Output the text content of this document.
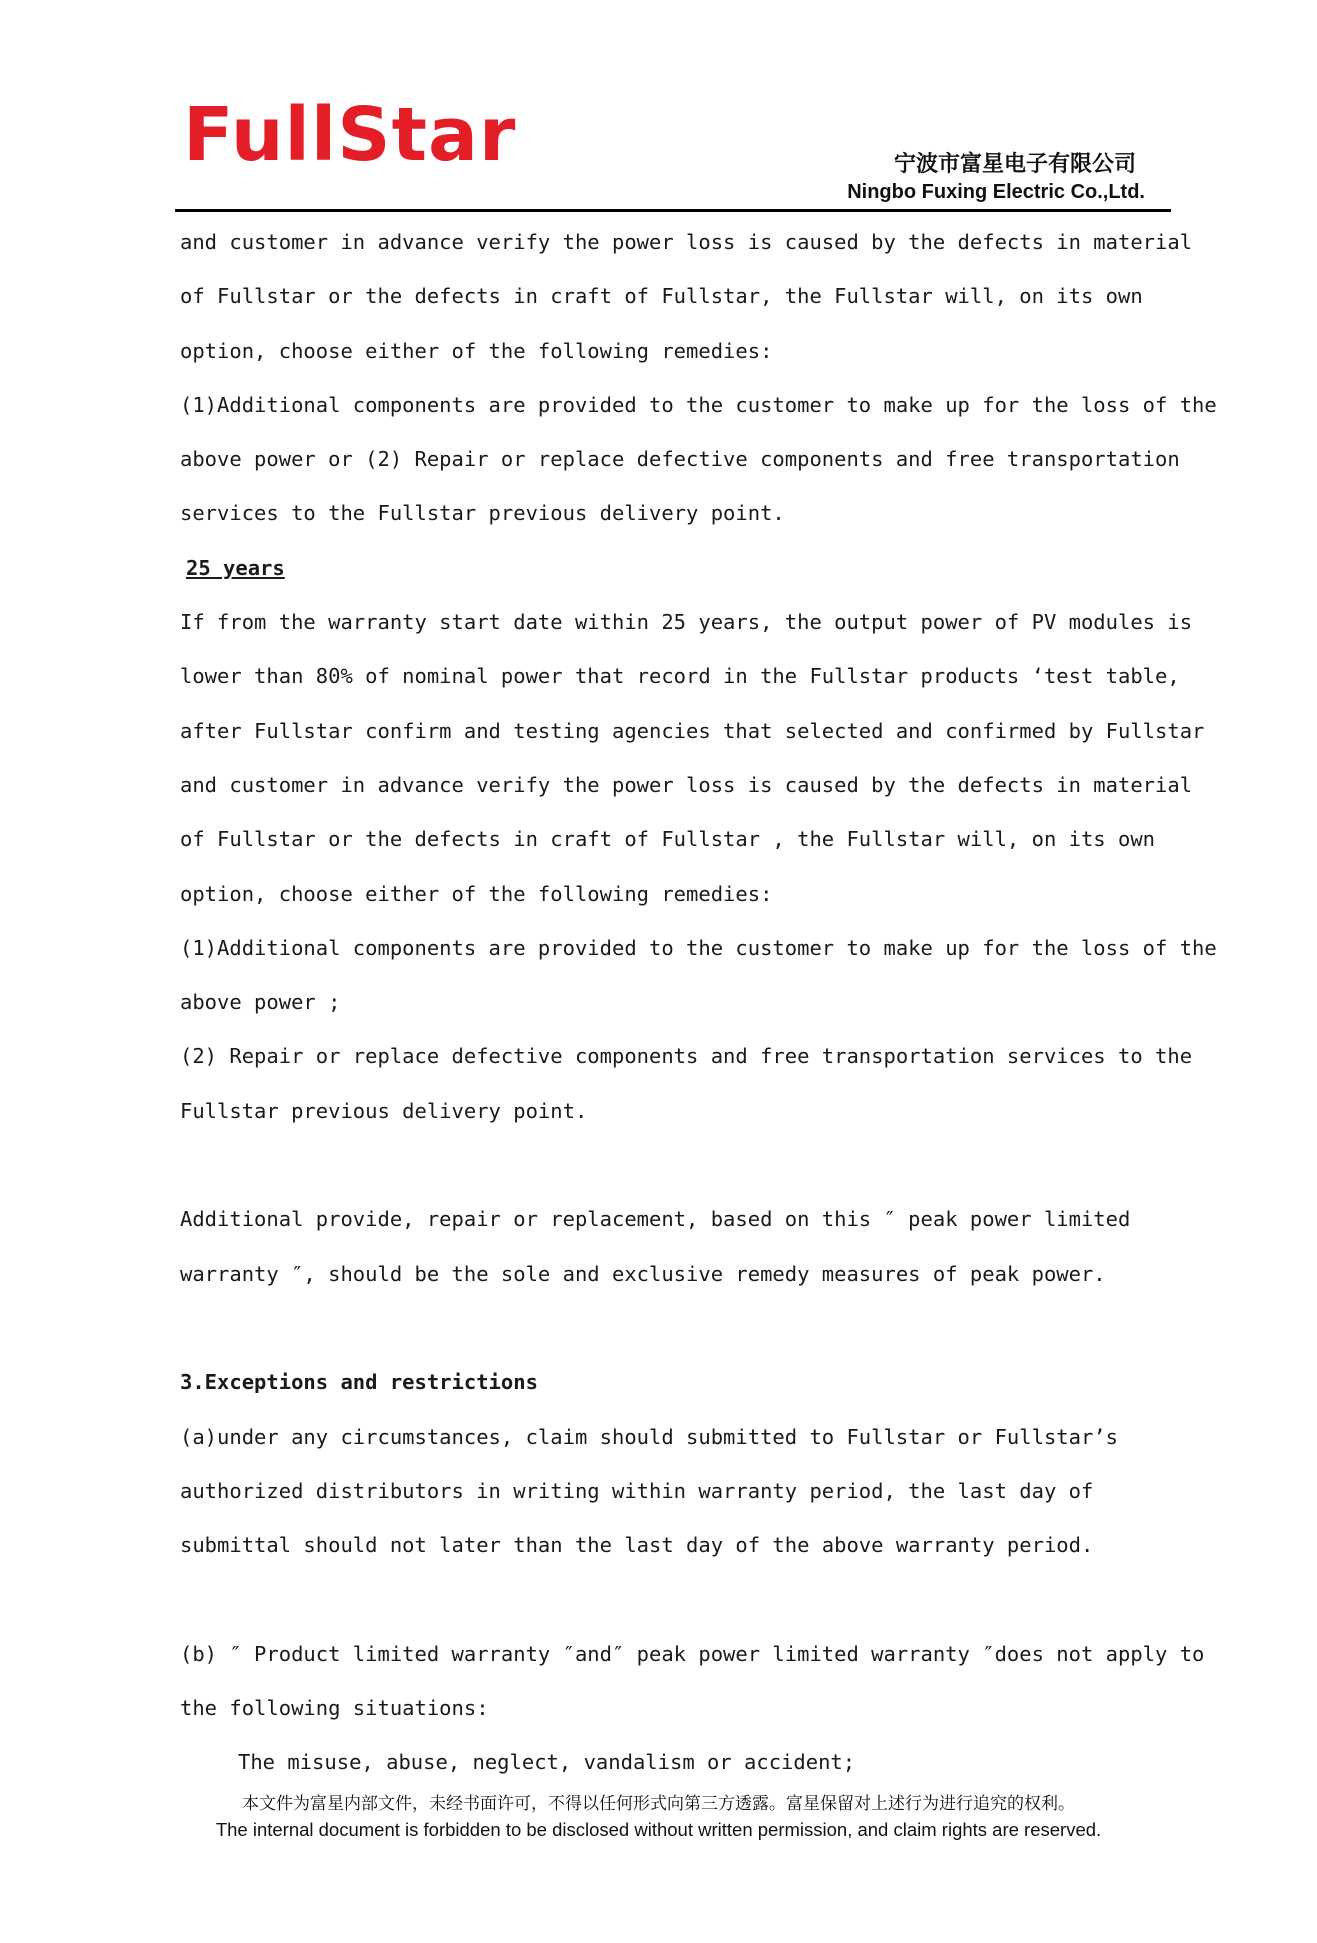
FullStar	宁波市富星电子有限公司
Ningbo Fuxing Electric Co.,Ltd.
and customer in advance verify the power loss is caused by the defects in material
of Fullstar or the defects in craft of Fullstar, the Fullstar will, on its own
option, choose either of the following remedies:
(1)Additional components are provided to the customer to make up for the loss of the
above power or (2) Repair or replace defective components and free transportation
services to the Fullstar previous delivery point.
25 years
If from the warranty start date within 25 years, the output power of PV modules is
lower than 80% of nominal power that record in the Fullstar products ‘test table,
after Fullstar confirm and testing agencies that selected and confirmed by Fullstar
and customer in advance verify the power loss is caused by the defects in material
of Fullstar or the defects in craft of Fullstar , the Fullstar will, on its own
option, choose either of the following remedies:
(1)Additional components are provided to the customer to make up for the loss of the
above power ;
(2) Repair or replace defective components and free transportation services to the
Fullstar previous delivery point.
Additional provide, repair or replacement, based on this ″ peak power limited
warranty ″, should be the sole and exclusive remedy measures of peak power.
3.Exceptions and restrictions
(a)under any circumstances, claim should submitted to Fullstar or Fullstar’s
authorized distributors in writing within warranty period, the last day of
submittal should not later than the last day of the above warranty period.
(b) ″ Product limited warranty ″and″ peak power limited warranty ″does not apply to
the following situations:
The misuse, abuse, neglect, vandalism or accident;
本文件为富星内部文件，未经书面许可，不得以任何形式向第三方透露。富星保留对上述行为进行追究的权利。
The internal document is forbidden to be disclosed without written permission, and claim rights are reserved.
